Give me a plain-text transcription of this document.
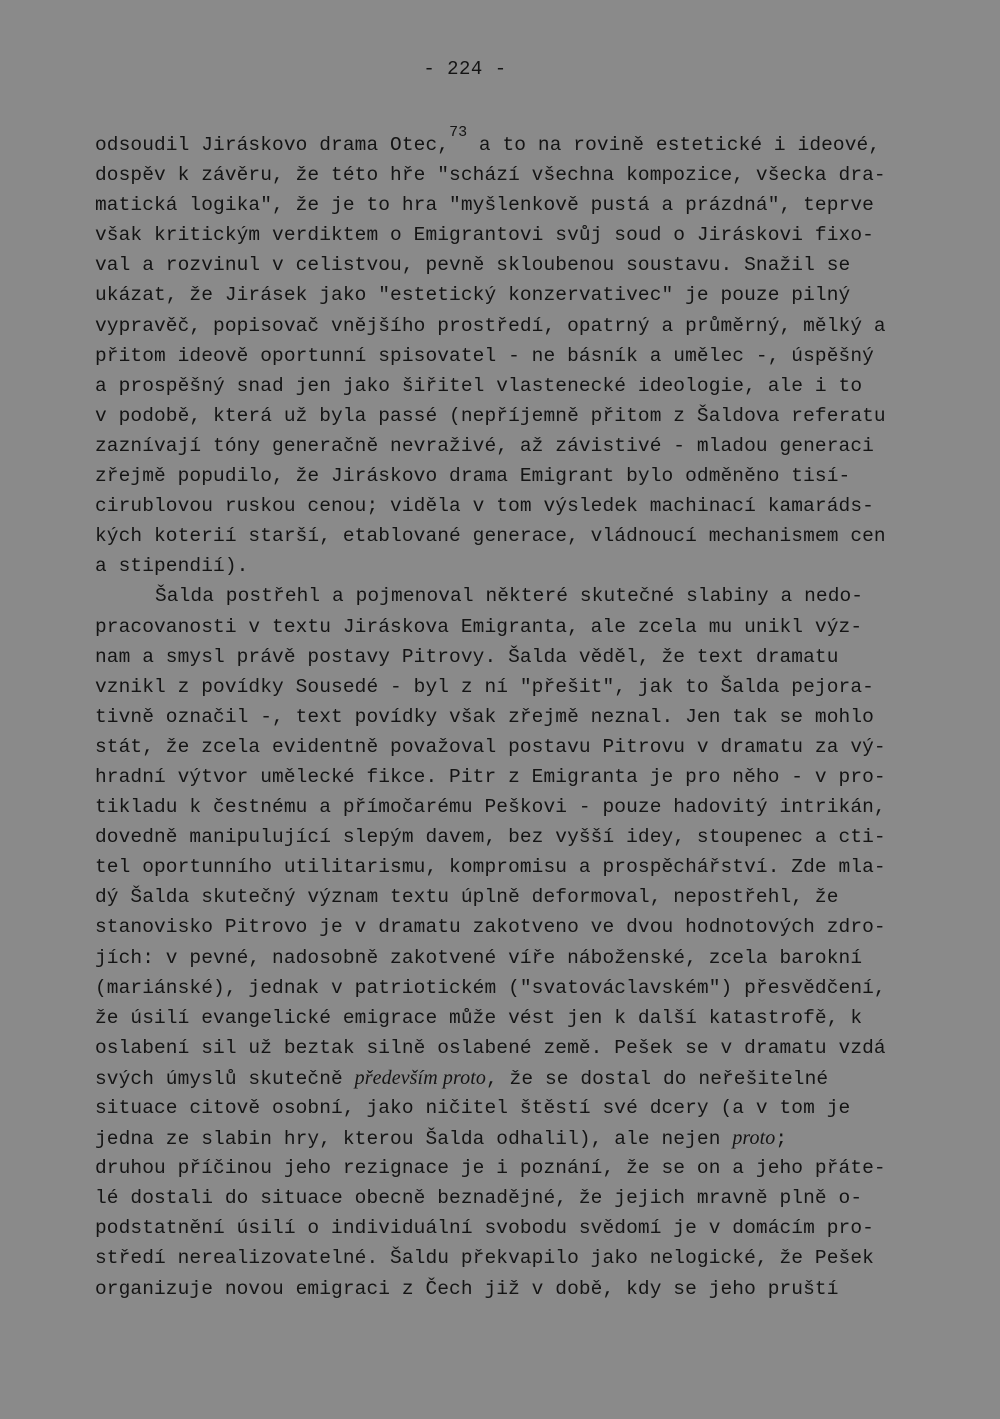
- 224 -
odsoudil Jiráskovo drama Otec,$^{73}$ a to na rovině estetické i ideové,
dospěv k závěru, že této hře "schází všechna kompozice, všecka dra-
matická logika", že je to hra "myšlenkově pustá a prázdná", teprve
však kritickým verdiktem o Emigrantovi svůj soud o Jiráskovi fixo-
val a rozvinul v celistvou, pevně skloubenou soustavu. Snažil se
ukázat, že Jirásek jako "estetický konzervativec" je pouze pilný
vypravěč, popisovač vnějšího prostředí, opatrný a průměrný, mělký a
přitom ideově oportunní spisovatel - ne básník a umělec -, úspěšný
a prospěšný snad jen jako šiřitel vlastenecké ideologie, ale i to
v podobě, která už byla passé (nepříjemně přitom z Šaldova referatu
zaznívají tóny generačně nevraživé, až závistivé - mladou generaci
zřejmě popudilo, že Jiráskovo drama Emigrant bylo odměněno tisí-
cirublovou ruskou cenou; viděla v tom výsledek machinací kamaráds-
kých koterií starší, etablované generace, vládnoucí mechanismem cen
a stipendií).
Šalda postřehl a pojmenoval některé skutečné slabiny a nedo-
pracovanosti v textu Jiráskova Emigranta, ale zcela mu unikl výz-
nam a smysl právě postavy Pitrovy. Šalda věděl, že text dramatu
vznikl z povídky Sousedé - byl z ní "přešit", jak to Šalda pejora-
tivně označil -, text povídky však zřejmě neznal. Jen tak se mohlo
stát, že zcela evidentně považoval postavu Pitrovu v dramatu za vý-
hradní výtvor umělecké fikce. Pitr z Emigranta je pro něho - v pro-
tikladu k čestnému a přímočarému Peškovi - pouze hadovitý intrikán,
dovedně manipulující slepým davem, bez vyšší idey, stoupenec a cti-
tel oportunního utilitarismu, kompromisu a prospěchářství. Zde mla-
dý Šalda skutečný význam textu úplně deformoval, nepostřehl, že
stanovisko Pitrovo je v dramatu zakotveno ve dvou hodnotových zdro-
jích: v pevné, nadosobně zakotvené víře náboženské, zcela barokní
(mariánské), jednak v patriotickém ("svatováclavském") přesvědčení,
že úsilí evangelické emigrace může vést jen k další katastrofě, k
oslabení sil už beztak silně oslabené země. Pešek se v dramatu vzdá
svých úmyslů skutečně především proto, že se dostal do neřešitelné
situace citově osobní, jako ničitel štěstí své dcery (a v tom je
jedna ze slabin hry, kterou Šalda odhalil), ale nejen proto;
druhou příčinou jeho rezignace je i poznání, že se on a jeho přáte-
lé dostali do situace obecně beznadějné, že jejich mravně plně o-
podstatnění úsilí o individuální svobodu svědomí je v domácím pro-
středí nerealizovatelné. Šaldu překvapilo jako nelogické, že Pešek
organizuje novou emigraci z Čech již v době, kdy se jeho pruští
